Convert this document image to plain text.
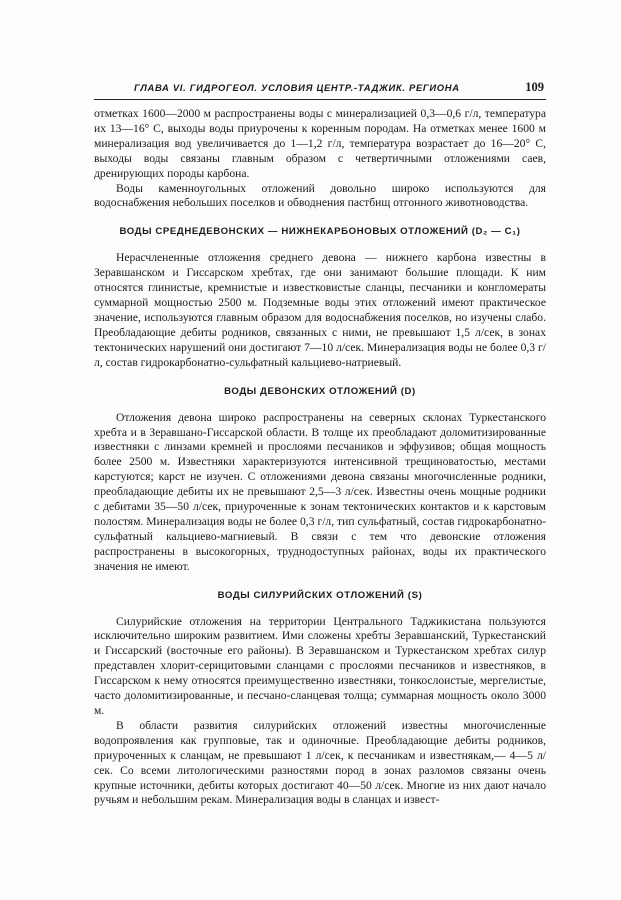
ГЛАВА VI. ГИДРОГЕОЛ. УСЛОВИЯ ЦЕНТР.-ТАДЖИК. РЕГИОНА	109

отметках 1600—2000 м распространены воды с минерализацией 0,3—0,6 г/л, температура их 13—16° С, выходы воды приурочены к коренным породам. На отметках менее 1600 м минерализация вод увеличивается до 1—1,2 г/л, температура возрастает до 16—20° С, выходы воды связаны главным образом с четвертичными отложениями саев, дренирующих породы карбона.

Воды каменноугольных отложений довольно широко используются для водоснабжения небольших поселков и обводнения пастбищ отгонного животноводства.

ВОДЫ СРЕДНЕДЕВОНСКИХ — НИЖНЕКАРБОНОВЫХ ОТЛОЖЕНИЙ (D₂ — C₁)

Нерасчлененные отложения среднего девона — нижнего карбона известны в Зеравшанском и Гиссарском хребтах, где они занимают большие площади. К ним относятся глинистые, кремнистые и известковистые сланцы, песчаники и конгломераты суммарной мощностью 2500 м. Подземные воды этих отложений имеют практическое значение, используются главным образом для водоснабжения поселков, но изучены слабо. Преобладающие дебиты родников, связанных с ними, не превышают 1,5 л/сек, в зонах тектонических нарушений они достигают 7—10 л/сек. Минерализация воды не более 0,3 г/л, состав гидрокарбонатно-сульфатный кальциево-натриевый.

ВОДЫ ДЕВОНСКИХ ОТЛОЖЕНИЙ (D)

Отложения девона широко распространены на северных склонах Туркестанского хребта и в Зеравшано-Гиссарской области. В толще их преобладают доломитизированные известняки с линзами кремней и прослоями песчаников и эффузивов; общая мощность более 2500 м. Известняки характеризуются интенсивной трещиноватостью, местами карстуются; карст не изучен. С отложениями девона связаны многочисленные родники, преобладающие дебиты их не превышают 2,5—3 л/сек. Известны очень мощные родники с дебитами 35—50 л/сек, приуроченные к зонам тектонических контактов и к карстовым полостям. Минерализация воды не более 0,3 г/л, тип сульфатный, состав гидрокарбонатно-сульфатный кальциево-магниевый. В связи с тем что девонские отложения распространены в высокогорных, труднодоступных районах, воды их практического значения не имеют.

ВОДЫ СИЛУРИЙСКИХ ОТЛОЖЕНИЙ (S)

Силурийские отложения на территории Центрального Таджикистана пользуются исключительно широким развитием. Ими сложены хребты Зеравшанский, Туркестанский и Гиссарский (восточные его районы). В Зеравшанском и Туркестанском хребтах силур представлен хлорит-серицитовыми сланцами с прослоями песчаников и известняков, в Гиссарском к нему относятся преимущественно известняки, тонкослоистые, мергелистые, часто доломитизированные, и песчано-сланцевая толща; суммарная мощность около 3000 м.

В области развития силурийских отложений известны многочисленные водопроявления как групповые, так и одиночные. Преобладающие дебиты родников, приуроченных к сланцам, не превышают 1 л/сек, к песчаникам и известнякам,— 4—5 л/сек. Со всеми литологическими разностями пород в зонах разломов связаны очень крупные источники, дебиты которых достигают 40—50 л/сек. Многие из них дают начало ручьям и небольшим рекам. Минерализация воды в сланцах и извест-
